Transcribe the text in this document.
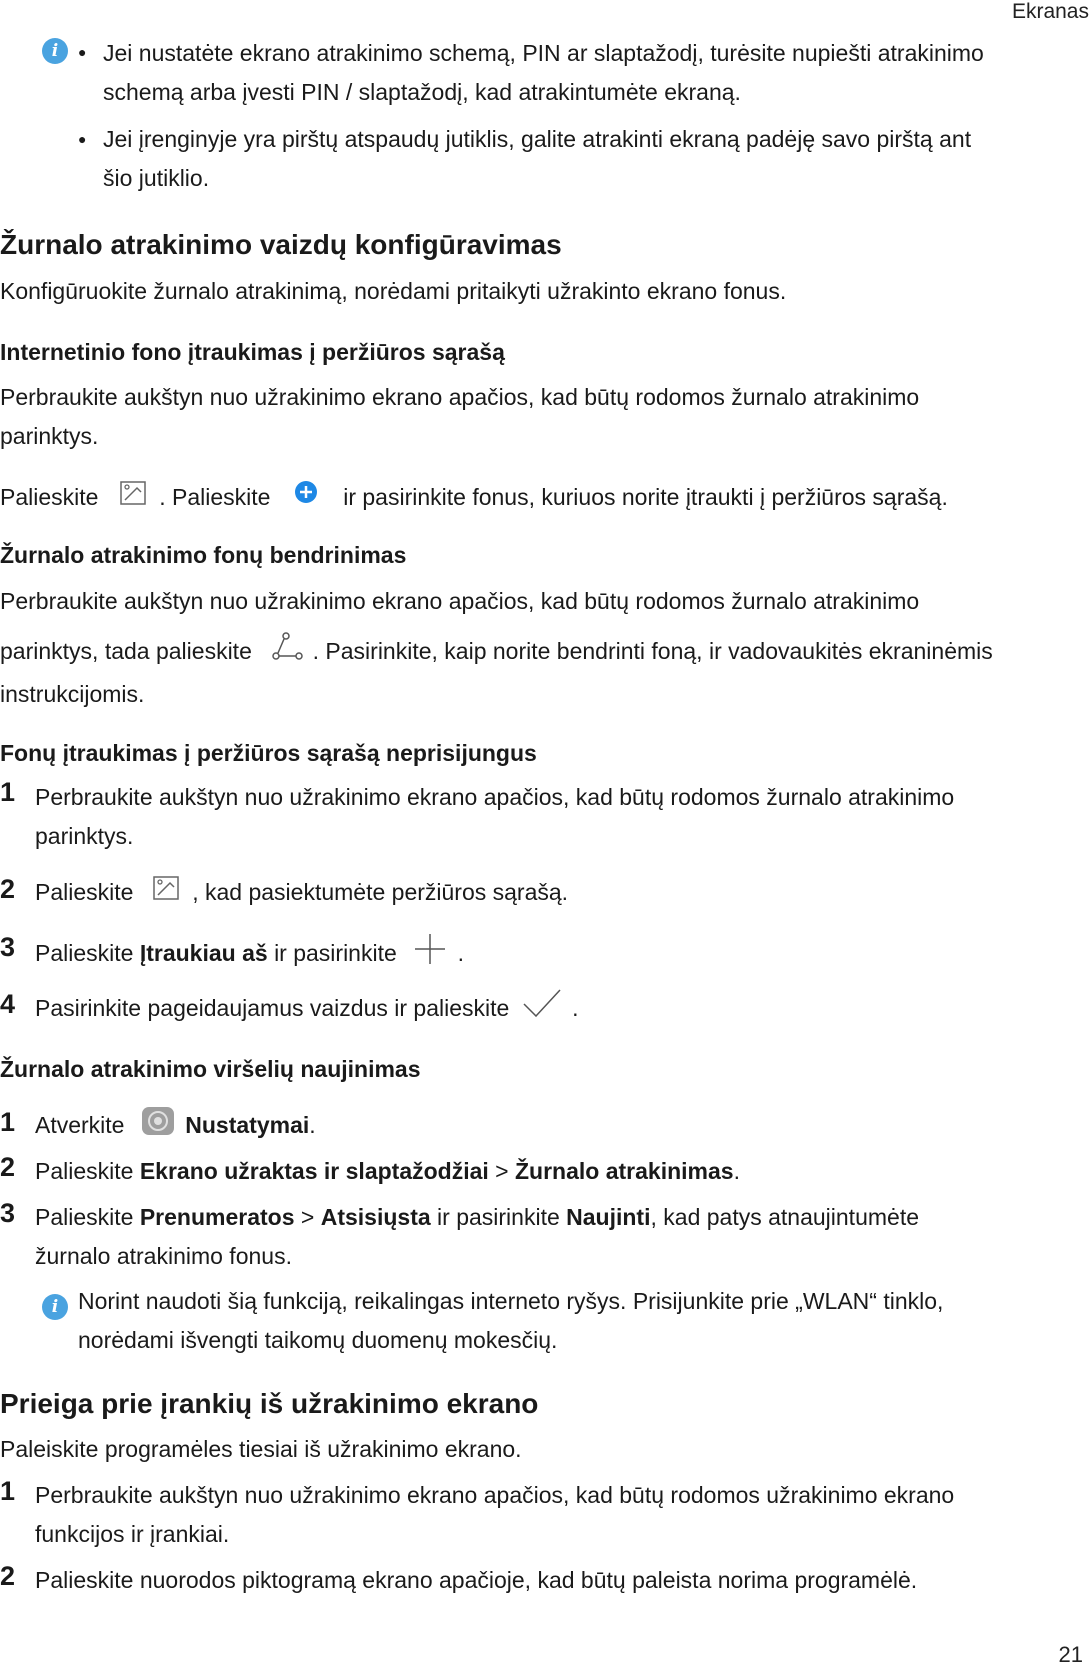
Ekranas
i	● Jei nustatėte ekrano atrakinimo schemą, PIN ar slaptažodį, turėsite nupiešti atrakinimo
schemą arba įvesti PIN / slaptažodį, kad atrakintumėte ekraną.
● Jei įrenginyje yra pirštų atspaudų jutiklis, galite atrakinti ekraną padėję savo pirštą ant
šio jutiklio.
Žurnalo atrakinimo vaizdų konfigūravimas
Konfigūruokite žurnalo atrakinimą, norėdami pritaikyti užrakinto ekrano fonus.
Internetinio fono įtraukimas į peržiūros sąrašą
Perbraukite aukštyn nuo užrakinimo ekrano apačios, kad būtų rodomos žurnalo atrakinimo
parinktys.
Palieskite	. Palieskite	ir pasirinkite fonus, kuriuos norite įtraukti į peržiūros sąrašą.
Žurnalo atrakinimo fonų bendrinimas
Perbraukite aukštyn nuo užrakinimo ekrano apačios, kad būtų rodomos žurnalo atrakinimo
parinktys, tada palieskite	. Pasirinkite, kaip norite bendrinti foną, ir vadovaukitės ekraninėmis
instrukcijomis.
Fonų įtraukimas į peržiūros sąrašą neprisijungus
1 Perbraukite aukštyn nuo užrakinimo ekrano apačios, kad būtų rodomos žurnalo atrakinimo
parinktys.
2 Palieskite	, kad pasiektumėte peržiūros sąrašą.
3 Palieskite Įtraukiau aš ir pasirinkite	.
4 Pasirinkite pageidaujamus vaizdus ir palieskite	.
Žurnalo atrakinimo viršelių naujinimas
1 Atverkite	Nustatymai.
2 Palieskite Ekrano užraktas ir slaptažodžiai > Žurnalo atrakinimas.
3 Palieskite Prenumeratos > Atsisiųsta ir pasirinkite Naujinti, kad patys atnaujintumėte
žurnalo atrakinimo fonus.
i Norint naudoti šią funkciją, reikalingas interneto ryšys. Prisijunkite prie „WLAN“ tinklo,
norėdami išvengti taikomų duomenų mokesčių.
Prieiga prie įrankių iš užrakinimo ekrano
Paleiskite programėles tiesiai iš užrakinimo ekrano.
1 Perbraukite aukštyn nuo užrakinimo ekrano apačios, kad būtų rodomos užrakinimo ekrano
funkcijos ir įrankiai.
2 Palieskite nuorodos piktogramą ekrano apačioje, kad būtų paleista norima programėlė.
21
